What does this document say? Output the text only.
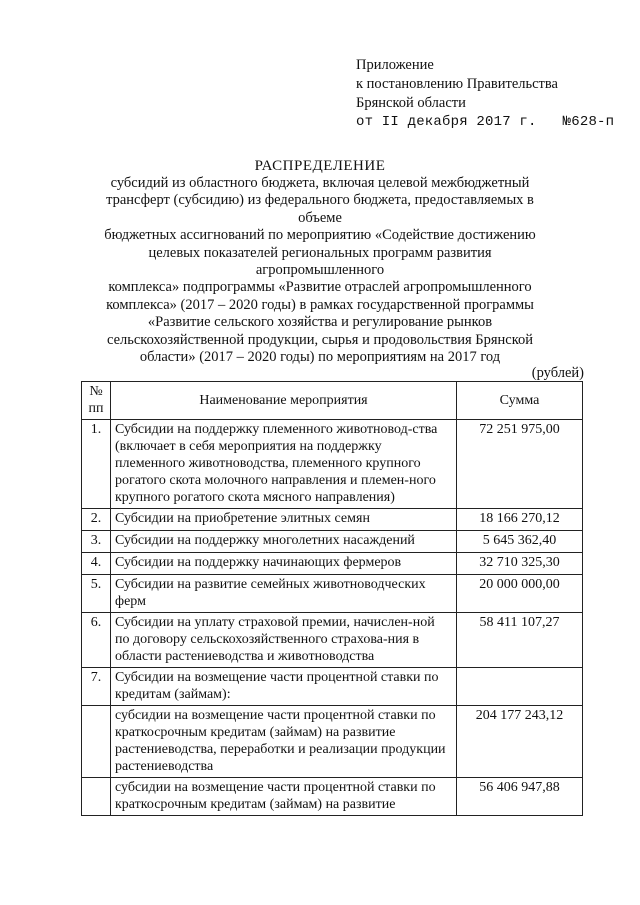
Приложение
к постановлению Правительства
Брянской области
от II декабря 2017 г. №628-п
РАСПРЕДЕЛЕНИЕ
субсидий из областного бюджета, включая целевой межбюджетный
трансферт (субсидию) из федерального бюджета, предоставляемых в объеме
бюджетных ассигнований по мероприятию «Содействие достижению
целевых показателей региональных программ развития агропромышленного
комплекса» подпрограммы «Развитие отраслей агропромышленного
комплекса» (2017 – 2020 годы) в рамках государственной программы
«Развитие сельского хозяйства и регулирование рынков
сельскохозяйственной продукции, сырья и продовольствия Брянской
области» (2017 – 2020 годы) по мероприятиям на 2017 год
(рублей)
№ пп	Наименование мероприятия	Сумма
1.	Субсидии на поддержку племенного животновод-ства (включает в себя мероприятия на поддержку племенного животноводства, племенного крупного рогатого скота молочного направления и племен-ного крупного рогатого скота мясного направления)	72 251 975,00
2.	Субсидии на приобретение элитных семян	18 166 270,12
3.	Субсидии на поддержку многолетних насаждений	5 645 362,40
4.	Субсидии на поддержку начинающих фермеров	32 710 325,30
5.	Субсидии на развитие семейных животноводческих ферм	20 000 000,00
6.	Субсидии на уплату страховой премии, начислен-ной по договору сельскохозяйственного страхова-ния в области растениеводства и животноводства	58 411 107,27
7.	Субсидии на возмещение части процентной ставки по кредитам (займам):	
	субсидии на возмещение части процентной ставки по краткосрочным кредитам (займам) на развитие растениеводства, переработки и реализации продукции растениеводства	204 177 243,12
	субсидии на возмещение части процентной ставки по краткосрочным кредитам (займам) на развитие	56 406 947,88
